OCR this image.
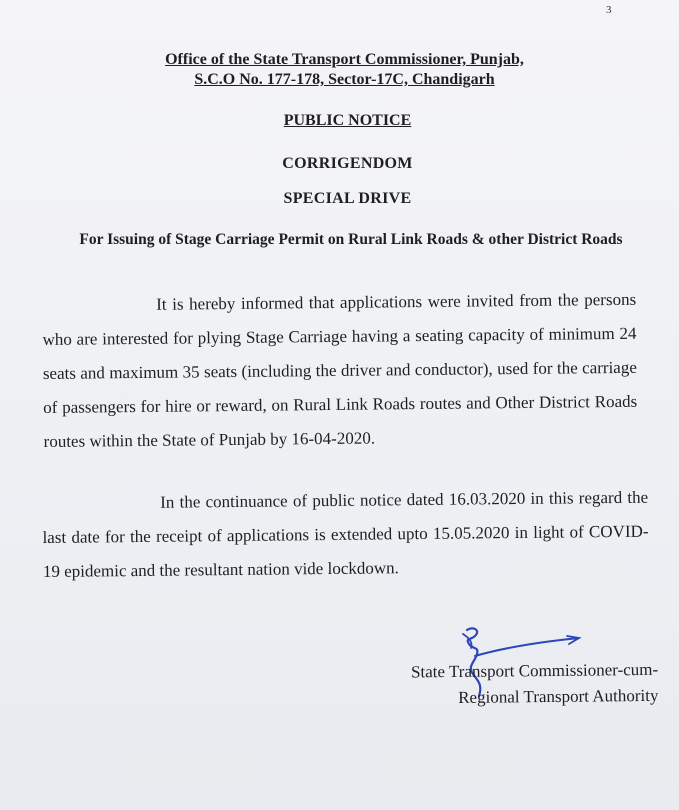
3
Office of the State Transport Commissioner, Punjab,
S.C.O No. 177-178, Sector-17C, Chandigarh
PUBLIC NOTICE
CORRIGENDOM
SPECIAL DRIVE
For Issuing of Stage Carriage Permit on Rural Link Roads & other District Roads
It is hereby informed that applications were invited from the persons who are interested for plying Stage Carriage having a seating capacity of minimum 24 seats and maximum 35 seats (including the driver and conductor), used for the carriage of passengers for hire or reward, on Rural Link Roads routes and Other District Roads routes within the State of Punjab by 16-04-2020.
In the continuance of public notice dated 16.03.2020 in this regard the last date for the receipt of applications is extended upto 15.05.2020 in light of COVID-19 epidemic and the resultant nation vide lockdown.
State Transport Commissioner-cum-
Regional Transport Authority
